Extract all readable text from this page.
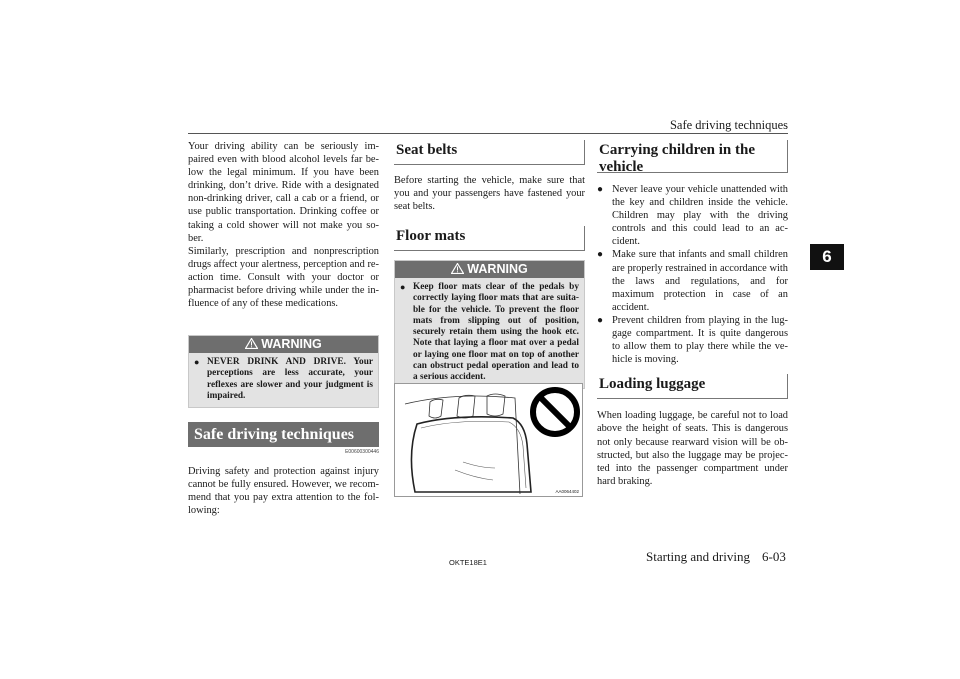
Safe driving techniques
6

Your driving ability can be seriously impaired even with blood alcohol levels far below the legal minimum. If you have been drinking, don’t drive. Ride with a designated non-drinking driver, call a cab or a friend, or use public transportation. Drinking coffee or taking a cold shower will not make you sober.

Similarly, prescription and nonprescription drugs affect your alertness, perception and reaction time. Consult with your doctor or pharmacist before driving while under the influence of any of these medications.

WARNING
● NEVER DRINK AND DRIVE. Your perceptions are less accurate, your reflexes are slower and your judgment is impaired.

Safe driving techniques
E00600300446

Driving safety and protection against injury cannot be fully ensured. However, we recommend that you pay extra attention to the following:

Seat belts

Before starting the vehicle, make sure that you and your passengers have fastened your seat belts.

Floor mats
WARNING
● Keep floor mats clear of the pedals by correctly laying floor mats that are suitable for the vehicle. To prevent the floor mats from slipping out of position, securely retain them using the hook etc. Note that laying a floor mat over a pedal or laying one floor mat on top of another can obstruct pedal operation and lead to a serious accident.

AA0064402
Carrying children in the vehicle
● Never leave your vehicle unattended with the key and children inside the vehicle. Children may play with the driving controls and this could lead to an accident.

● Make sure that infants and small children are properly restrained in accordance with the laws and regulations, and for maximum protection in case of an accident.

● Prevent children from playing in the luggage compartment. It is quite dangerous to allow them to play there while the vehicle is moving.

Loading luggage

When loading luggage, be careful not to load above the height of seats. This is dangerous not only because rearward vision will be obstructed, but also the luggage may be projected into the passenger compartment under hard braking.

OKTE18E1	Starting and driving 6-03
